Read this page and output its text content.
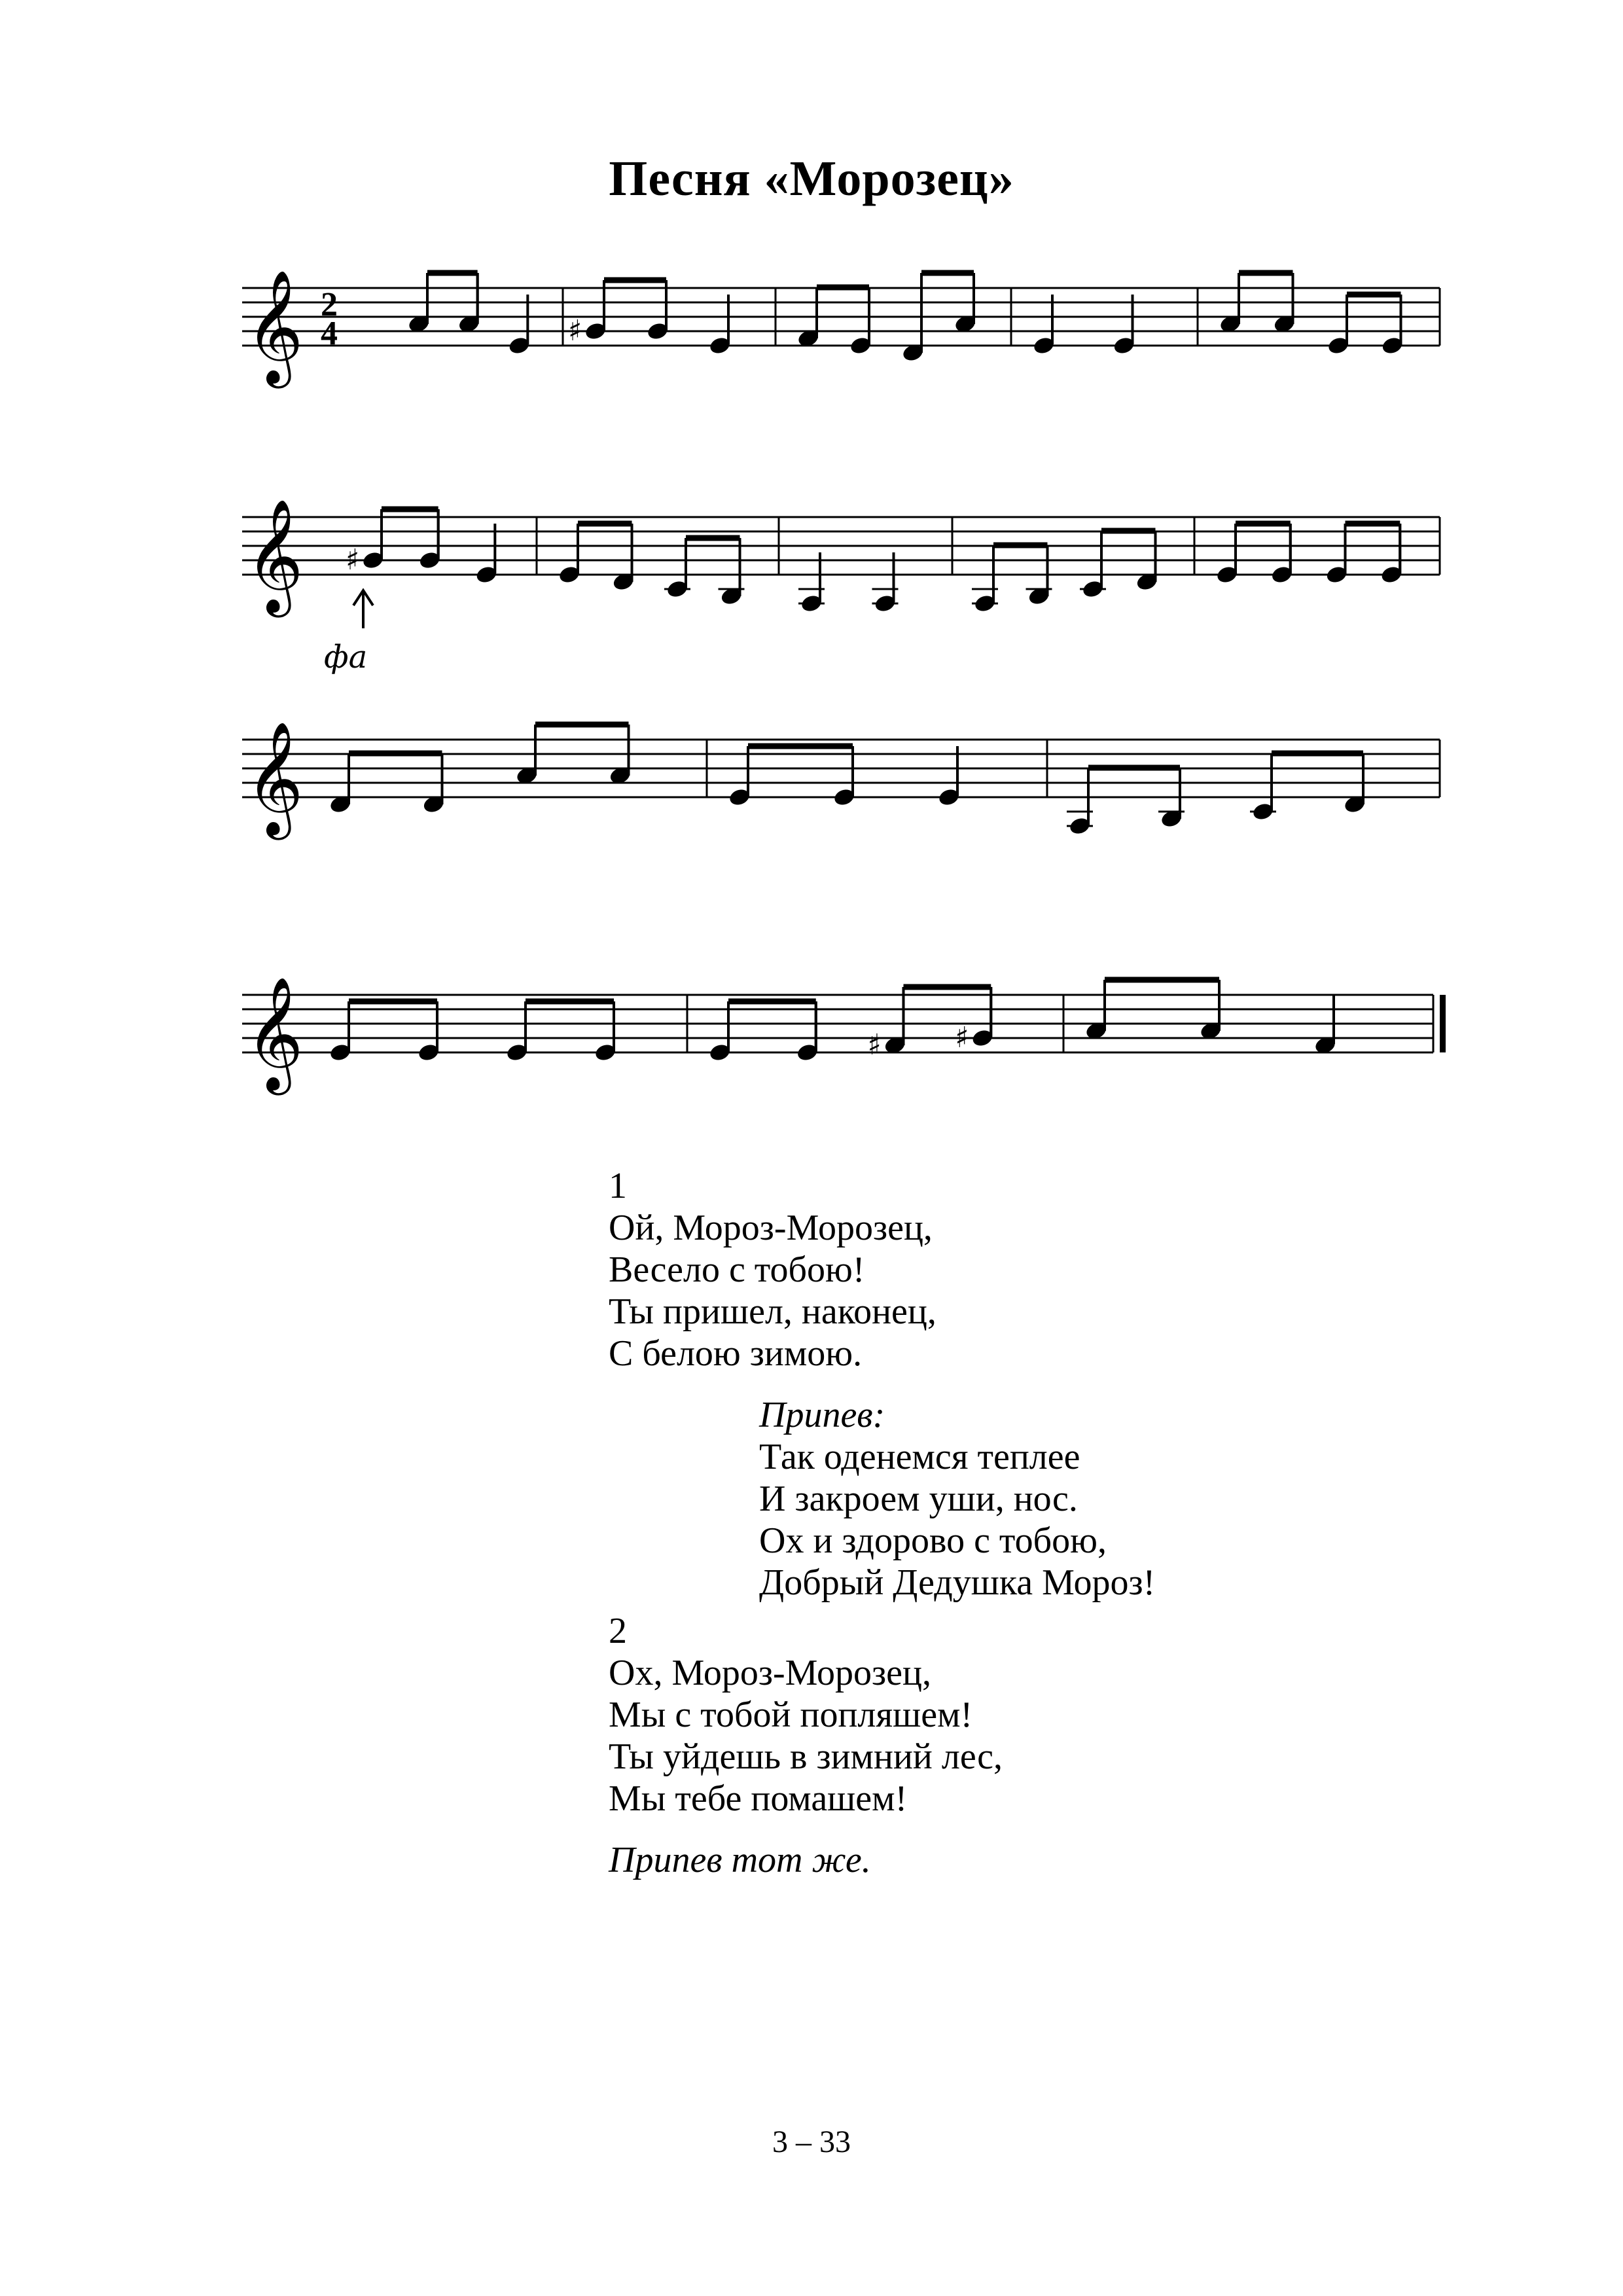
Песня «Морозец»
𝄞 2
4	♯
𝄞 ♯
фа
𝄞
𝄞	♯	♯
1
Ой, Мороз-Морозец,
Весело с тобою!
Ты пришел, наконец,
С белою зимою.
Припев:
Так оденемся теплее
И закроем уши, нос.
Ох и здорово с тобою,
Добрый Дедушка Мороз!
2
Ох, Мороз-Морозец,
Мы с тобой попляшем!
Ты уйдешь в зимний лес,
Мы тебе помашем!
Припев тот же.
3 – 33
